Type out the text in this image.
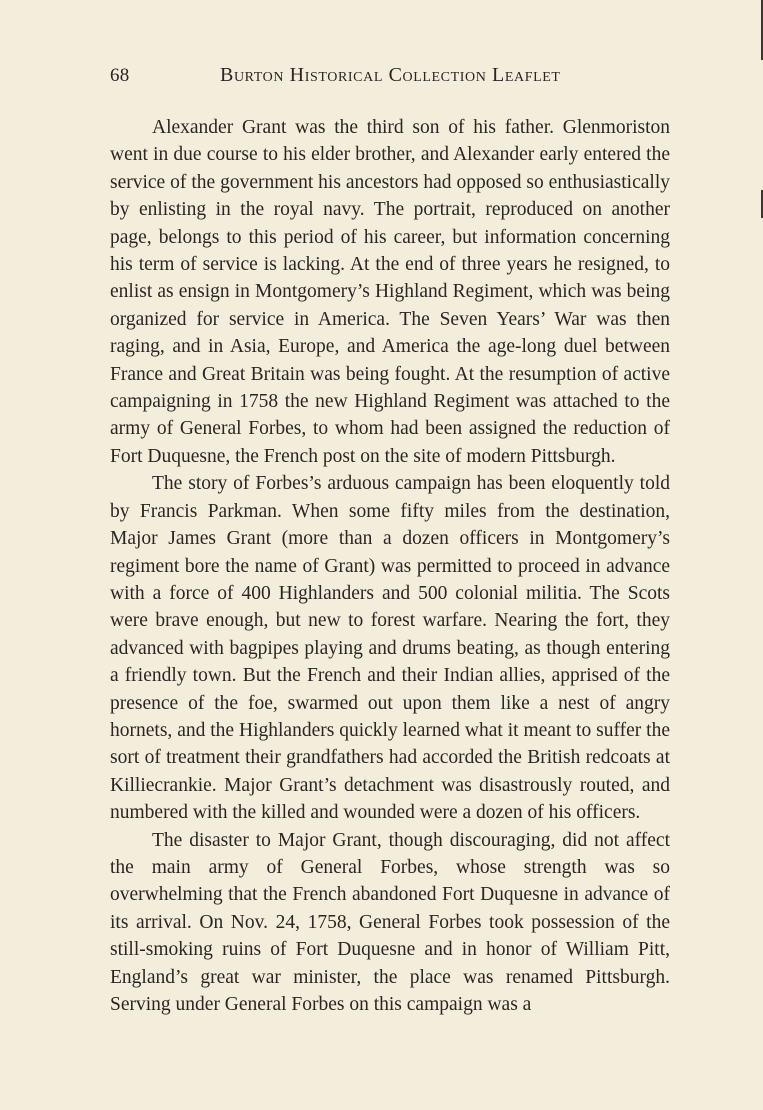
68	Burton Historical Collection Leaflet

Alexander Grant was the third son of his father. Glenmoriston went in due course to his elder brother, and Alexander early entered the service of the government his ancestors had opposed so enthusiastically by enlisting in the royal navy. The portrait, reproduced on another page, belongs to this period of his career, but information concerning his term of service is lacking. At the end of three years he resigned, to enlist as ensign in Montgomery’s Highland Regiment, which was being organized for service in America. The Seven Years’ War was then raging, and in Asia, Europe, and America the age-long duel between France and Great Britain was being fought. At the resumption of active campaigning in 1758 the new Highland Regiment was attached to the army of General Forbes, to whom had been assigned the reduction of Fort Duquesne, the French post on the site of modern Pittsburgh.

The story of Forbes’s arduous campaign has been eloquently told by Francis Parkman. When some fifty miles from the destination, Major James Grant (more than a dozen officers in Montgomery’s regiment bore the name of Grant) was permitted to proceed in advance with a force of 400 Highlanders and 500 colonial militia. The Scots were brave enough, but new to forest warfare. Nearing the fort, they advanced with bagpipes playing and drums beating, as though entering a friendly town. But the French and their Indian allies, apprised of the presence of the foe, swarmed out upon them like a nest of angry hornets, and the Highlanders quickly learned what it meant to suffer the sort of treatment their grandfathers had accorded the British redcoats at Killiecrankie. Major Grant’s detachment was disastrously routed, and numbered with the killed and wounded were a dozen of his officers.

The disaster to Major Grant, though discouraging, did not affect the main army of General Forbes, whose strength was so overwhelming that the French abandoned Fort Duquesne in advance of its arrival. On Nov. 24, 1758, General Forbes took possession of the still-smoking ruins of Fort Duquesne and in honor of William Pitt, England’s great war minister, the place was renamed Pittsburgh. Serving under General Forbes on this campaign was a
